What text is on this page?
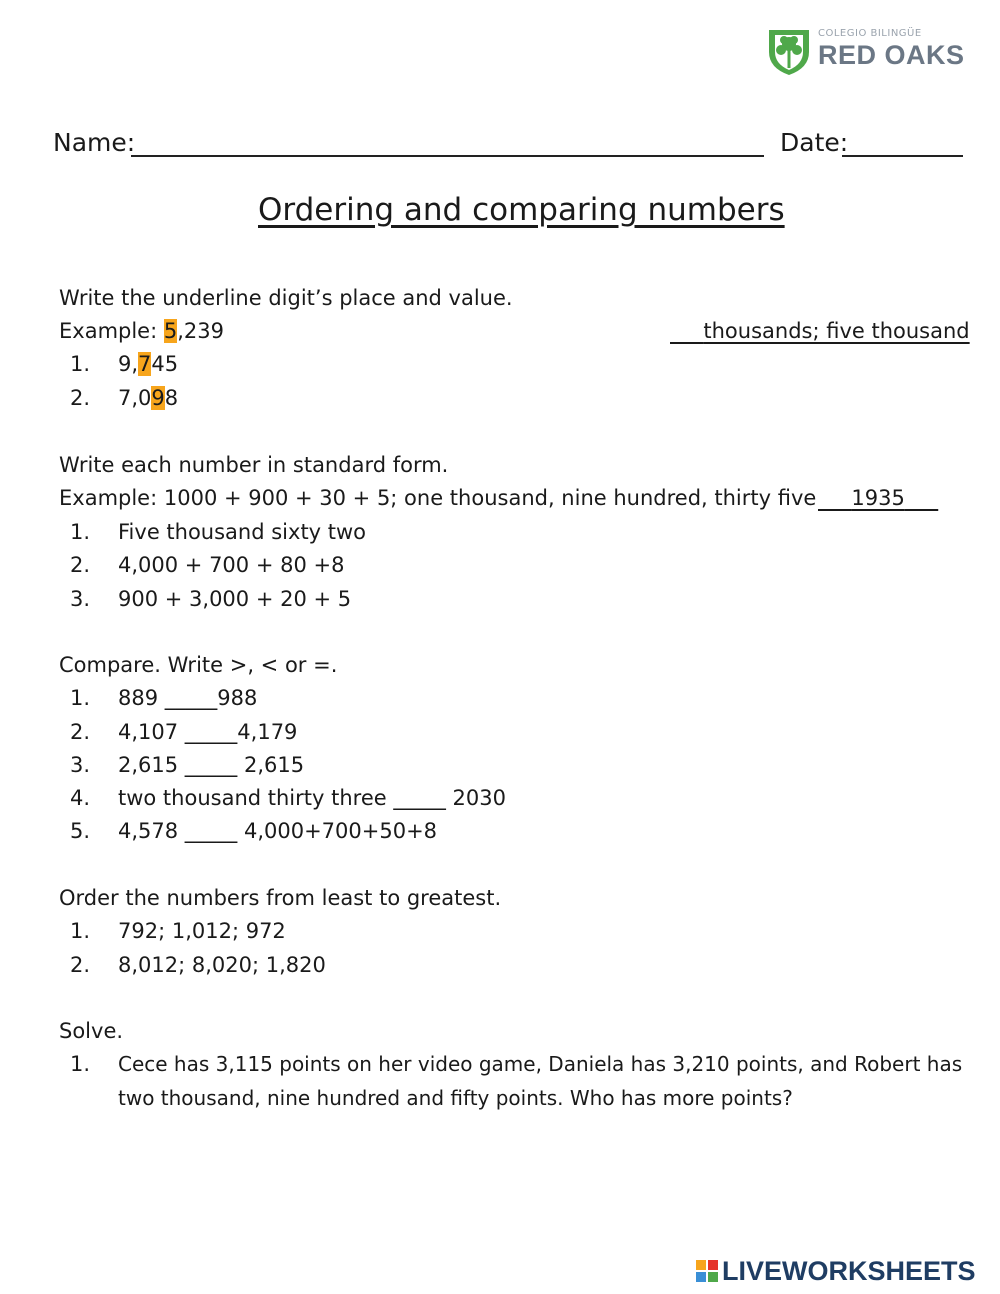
COLEGIO BILINGÜE
RED OAKS
Name:	Date:
Ordering and comparing numbers
Write the underline digit’s place and value.
Example: 5,239	thousands; five thousand
1. 9,745
2. 7,098
Write each number in standard form.
Example: 1000 + 900 + 30 + 5; one thousand, nine hundred, thirty five	1935
1. Five thousand sixty two
2. 4,000 + 700 + 80 +8
3. 900 + 3,000 + 20 + 5
Compare. Write >, < or =.
1. 889 _____988
2. 4,107 _____4,179
3. 2,615 _____ 2,615
4. two thousand thirty three _____ 2030
5. 4,578 _____ 4,000+700+50+8
Order the numbers from least to greatest.
1. 792; 1,012; 972
2. 8,012; 8,020; 1,820
Solve.
1. Cece has 3,115 points on her video game, Daniela has 3,210 points, and Robert has
two thousand, nine hundred and fifty points. Who has more points?
LIVEWORKSHEETS
